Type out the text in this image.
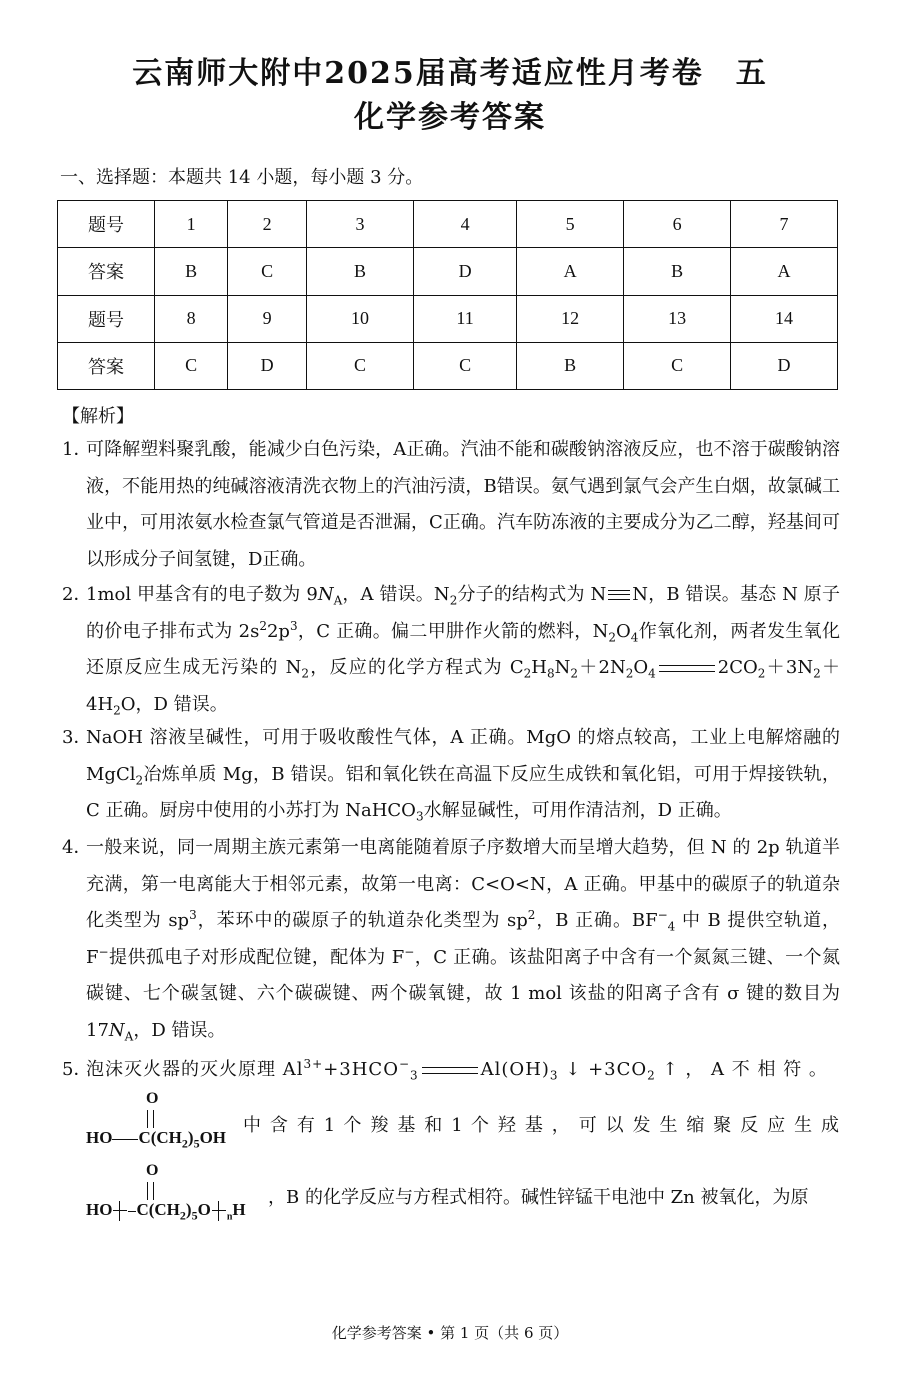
云南师大附中2025届高考适应性月考卷　五
化学参考答案
一、选择题：本题共 14 小题，每小题 3 分。
题号	1	2	3	4	5	6	7
答案	B	C	B	D	A	B	A
题号	8	9	10	11	12	13	14
答案	C	D	C	C	B	C	D
【解析】
1．
可降解塑料聚乳酸，能减少白色污染，A正确。汽油不能和碳酸钠溶液反应，也不溶于碳酸钠溶液，不能用热的纯碱溶液清洗衣物上的汽油污渍，B错误。氨气遇到氯气会产生白烟，故氯碱工业中，可用浓氨水检查氯气管道是否泄漏，C正确。汽车防冻液的主要成分为乙二醇，羟基间可以形成分子间氢键，D正确。
2．
1mol 甲基含有的电子数为 $9N_A$，A 错误。$N_2$分子的结构式为 N N，B 错误。基态 N 原子的价电子排布式为 $2s^22p^3$，C 正确。偏二甲肼作火箭的燃料，$N_2O_4$作氧化剂，两者发生氧化还原反应生成无污染的 $N_2$，反应的化学方程式为 $C_2H_8N_2+2N_2O_4$	$2CO_2+3N_2+4H_2O$，D 错误。
3．
NaOH 溶液呈碱性，可用于吸收酸性气体，A 正确。MgO 的熔点较高，工业上电解熔融的 MgCl$_2$冶炼单质 Mg，B 错误。铝和氧化铁在高温下反应生成铁和氧化铝，可用于焊接铁轨，C 正确。厨房中使用的小苏打为 NaHCO$_3$水解显碱性，可用作清洁剂，D 正确。
4．
一般来说，同一周期主族元素第一电离能随着原子序数增大而呈增大趋势，但 N 的 2p 轨道半充满，第一电离能大于相邻元素，故第一电离：C<O<N，A 正确。甲基中的碳原子的轨道杂化类型为 $sp^3$，苯环中的碳原子的轨道杂化类型为 $sp^2$，B 正确。$BF^-_4$ 中 B 提供空轨道，F−提供孤电子对形成配位键，配体为 F−，C 正确。该盐阳离子中含有一个氮氮三键、一个氮碳键、七个碳氢键、六个碳碳键、两个碳氧键，故 1 mol 该盐的阳离子含有 σ 键的数目为 $17N_A$，D 错误。
5．
泡沫灭火器的灭火原理 $Al^{3+}+3HCO^-_3$	$Al(OH)_3$ ↓ $+3CO_2$ ↑ ， A 不 相 符 。
O
HO $C(CH_2)_5OH$
中 含 有 1 个 羧 基 和 1 个 羟 基 ， 可 以 发 生 缩 聚 反 应 生 成
O
HO $C(CH_2)_5O$ $_n$H
，B 的化学反应与方程式相符。碱性锌锰干电池中 Zn 被氧化，为原
化学参考答案 • 第 1 页（共 6 页）
